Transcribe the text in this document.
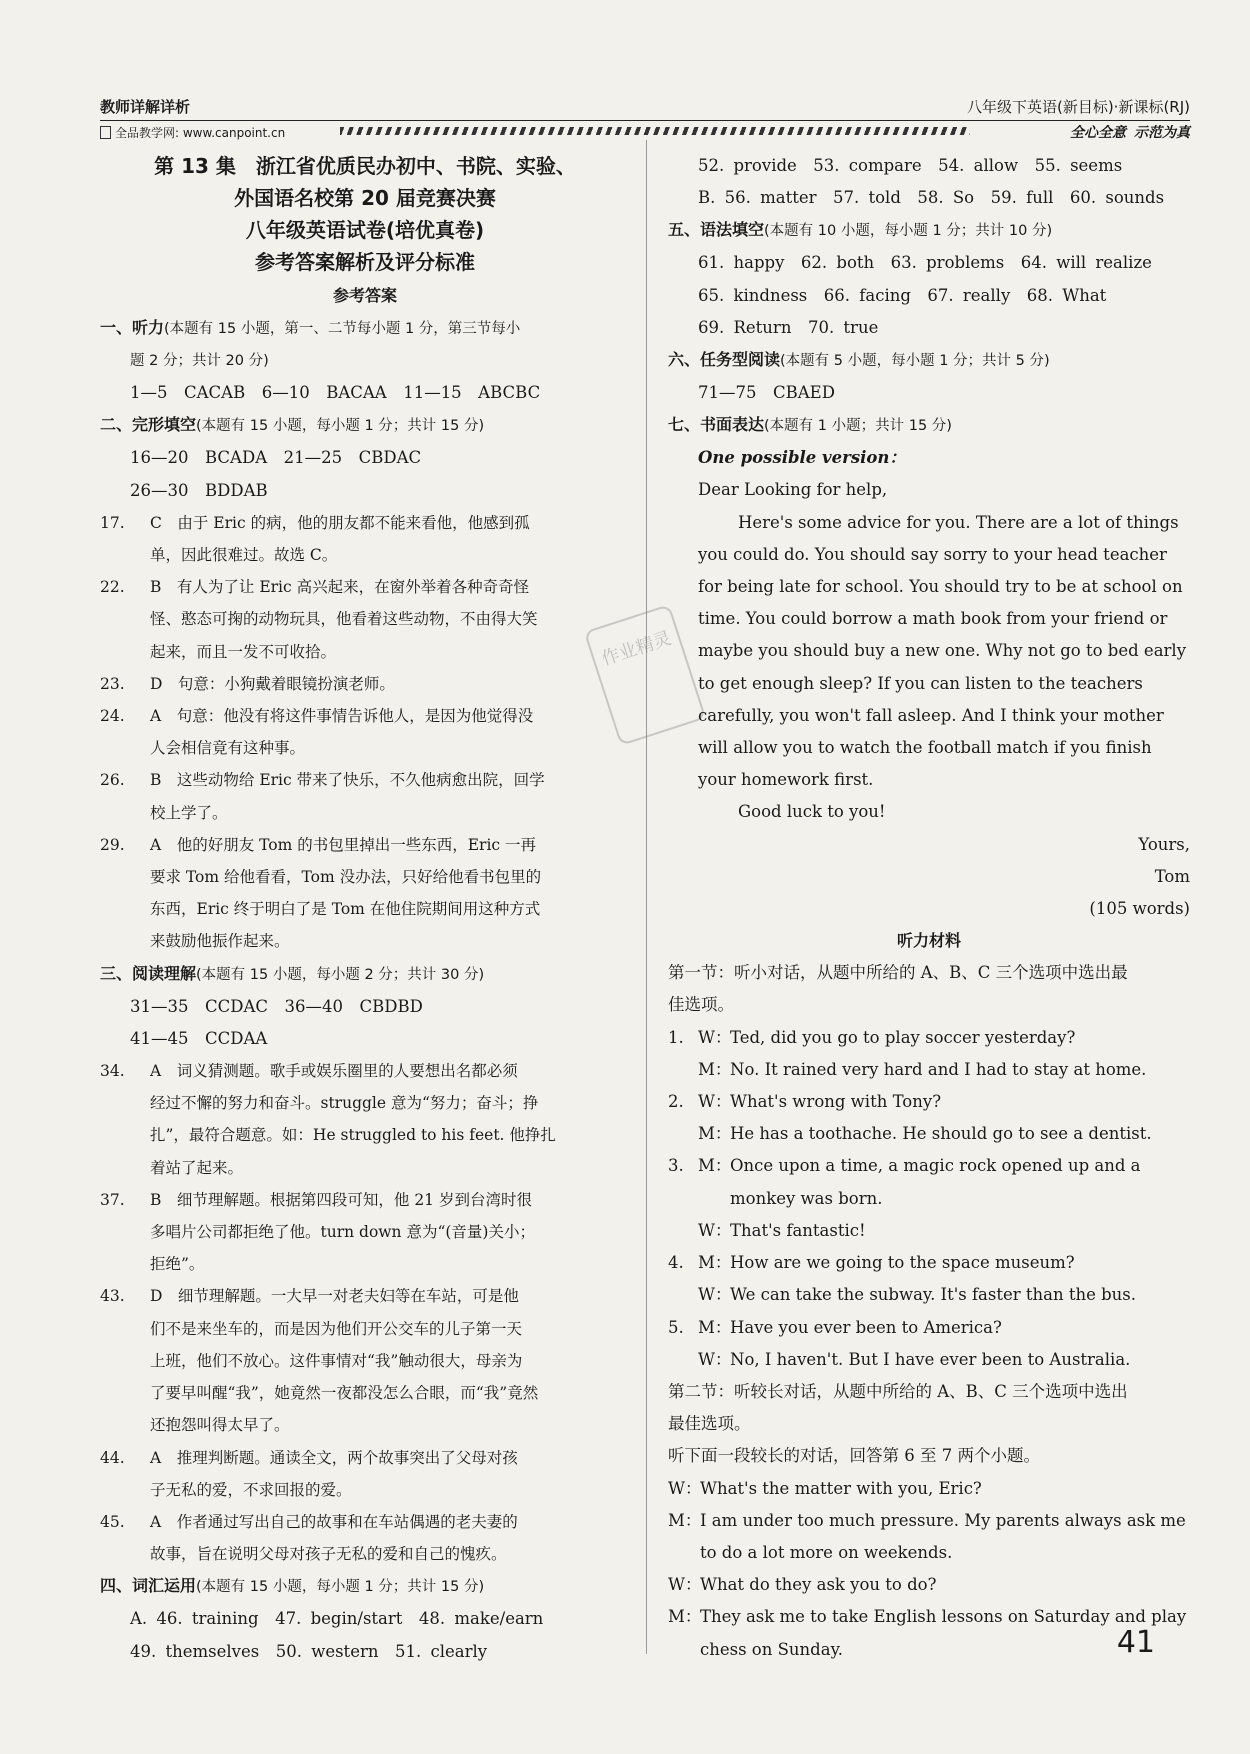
教师详解详析	八年级下英语(新目标)·新课标(RJ)
全品教学网: www.canpoint.cn	全心全意 示范为真
作业精灵
第 13 集　浙江省优质民办初中、书院、实验、
外国语名校第 20 届竞赛决赛
八年级英语试卷(培优真卷)
参考答案解析及评分标准
参考答案
一、听力(本题有 15 小题，第一、二节每小题 1 分，第三节每小
题 2 分；共计 20 分)
1—5　CACAB　6—10　BACAA　11—15　ABCBC
二、完形填空(本题有 15 小题，每小题 1 分；共计 15 分)
16—20　BCADA　21—25　CBDAC
26—30　BDDAB
17. C　由于 Eric 的病，他的朋友都不能来看他，他感到孤
单，因此很难过。故选 C。
22. B　有人为了让 Eric 高兴起来，在窗外举着各种奇奇怪
怪、憨态可掬的动物玩具，他看着这些动物，不由得大笑
起来，而且一发不可收拾。
23. D　句意：小狗戴着眼镜扮演老师。
24. A　句意：他没有将这件事情告诉他人，是因为他觉得没
人会相信竟有这种事。
26. B　这些动物给 Eric 带来了快乐，不久他病愈出院，回学
校上学了。
29. A　他的好朋友 Tom 的书包里掉出一些东西，Eric 一再
要求 Tom 给他看看，Tom 没办法，只好给他看书包里的
东西，Eric 终于明白了是 Tom 在他住院期间用这种方式
来鼓励他振作起来。
三、阅读理解(本题有 15 小题，每小题 2 分；共计 30 分)
31—35　CCDAC　36—40　CBDBD
41—45　CCDAA
34. A　词义猜测题。歌手或娱乐圈里的人要想出名都必须
经过不懈的努力和奋斗。struggle 意为“努力；奋斗；挣
扎”，最符合题意。如：He struggled to his feet. 他挣扎
着站了起来。
37. B　细节理解题。根据第四段可知，他 21 岁到台湾时很
多唱片公司都拒绝了他。turn down 意为“(音量)关小；
拒绝”。
43. D　细节理解题。一大早一对老夫妇等在车站，可是他
们不是来坐车的，而是因为他们开公交车的儿子第一天
上班，他们不放心。这件事情对“我”触动很大，母亲为
了要早叫醒“我”，她竟然一夜都没怎么合眼，而“我”竟然
还抱怨叫得太早了。
44. A　推理判断题。通读全文，两个故事突出了父母对孩
子无私的爱，不求回报的爱。
45. A　作者通过写出自己的故事和在车站偶遇的老夫妻的
故事，旨在说明父母对孩子无私的爱和自己的愧疚。
四、词汇运用(本题有 15 小题，每小题 1 分；共计 15 分)
A. 46. training　47. begin/start　48. make/earn
49. themselves　50. western　51. clearly
52. provide　53. compare　54. allow　55. seems
B. 56. matter　57. told　58. So　59. full　60. sounds
五、语法填空(本题有 10 小题，每小题 1 分；共计 10 分)
61. happy　62. both　63. problems　64. will realize
65. kindness　66. facing　67. really　68. What
69. Return　70. true
六、任务型阅读(本题有 5 小题，每小题 1 分；共计 5 分)
71—75　CBAED
七、书面表达(本题有 1 小题；共计 15 分)
One possible version：
Dear Looking for help,
Here's some advice for you. There are a lot of things
you could do. You should say sorry to your head teacher
for being late for school. You should try to be at school on
time. You could borrow a math book from your friend or
maybe you should buy a new one. Why not go to bed early
to get enough sleep? If you can listen to the teachers
carefully, you won't fall asleep. And I think your mother
will allow you to watch the football match if you finish
your homework first.
Good luck to you!
Yours,
Tom
(105 words)
听力材料
第一节：听小对话，从题中所给的 A、B、C 三个选项中选出最
佳选项。
1. W：Ted, did you go to play soccer yesterday?
M：No. It rained very hard and I had to stay at home.
2. W：What's wrong with Tony?
M：He has a toothache. He should go to see a dentist.
3. M：Once upon a time, a magic rock opened up and a
monkey was born.
W：That's fantastic!
4. M：How are we going to the space museum?
W：We can take the subway. It's faster than the bus.
5. M：Have you ever been to America?
W：No, I haven't. But I have ever been to Australia.
第二节：听较长对话，从题中所给的 A、B、C 三个选项中选出
最佳选项。
听下面一段较长的对话，回答第 6 至 7 两个小题。
W：What's the matter with you, Eric?
M：I am under too much pressure. My parents always ask me
to do a lot more on weekends.
W：What do they ask you to do?
M：They ask me to take English lessons on Saturday and play
chess on Sunday.	41
